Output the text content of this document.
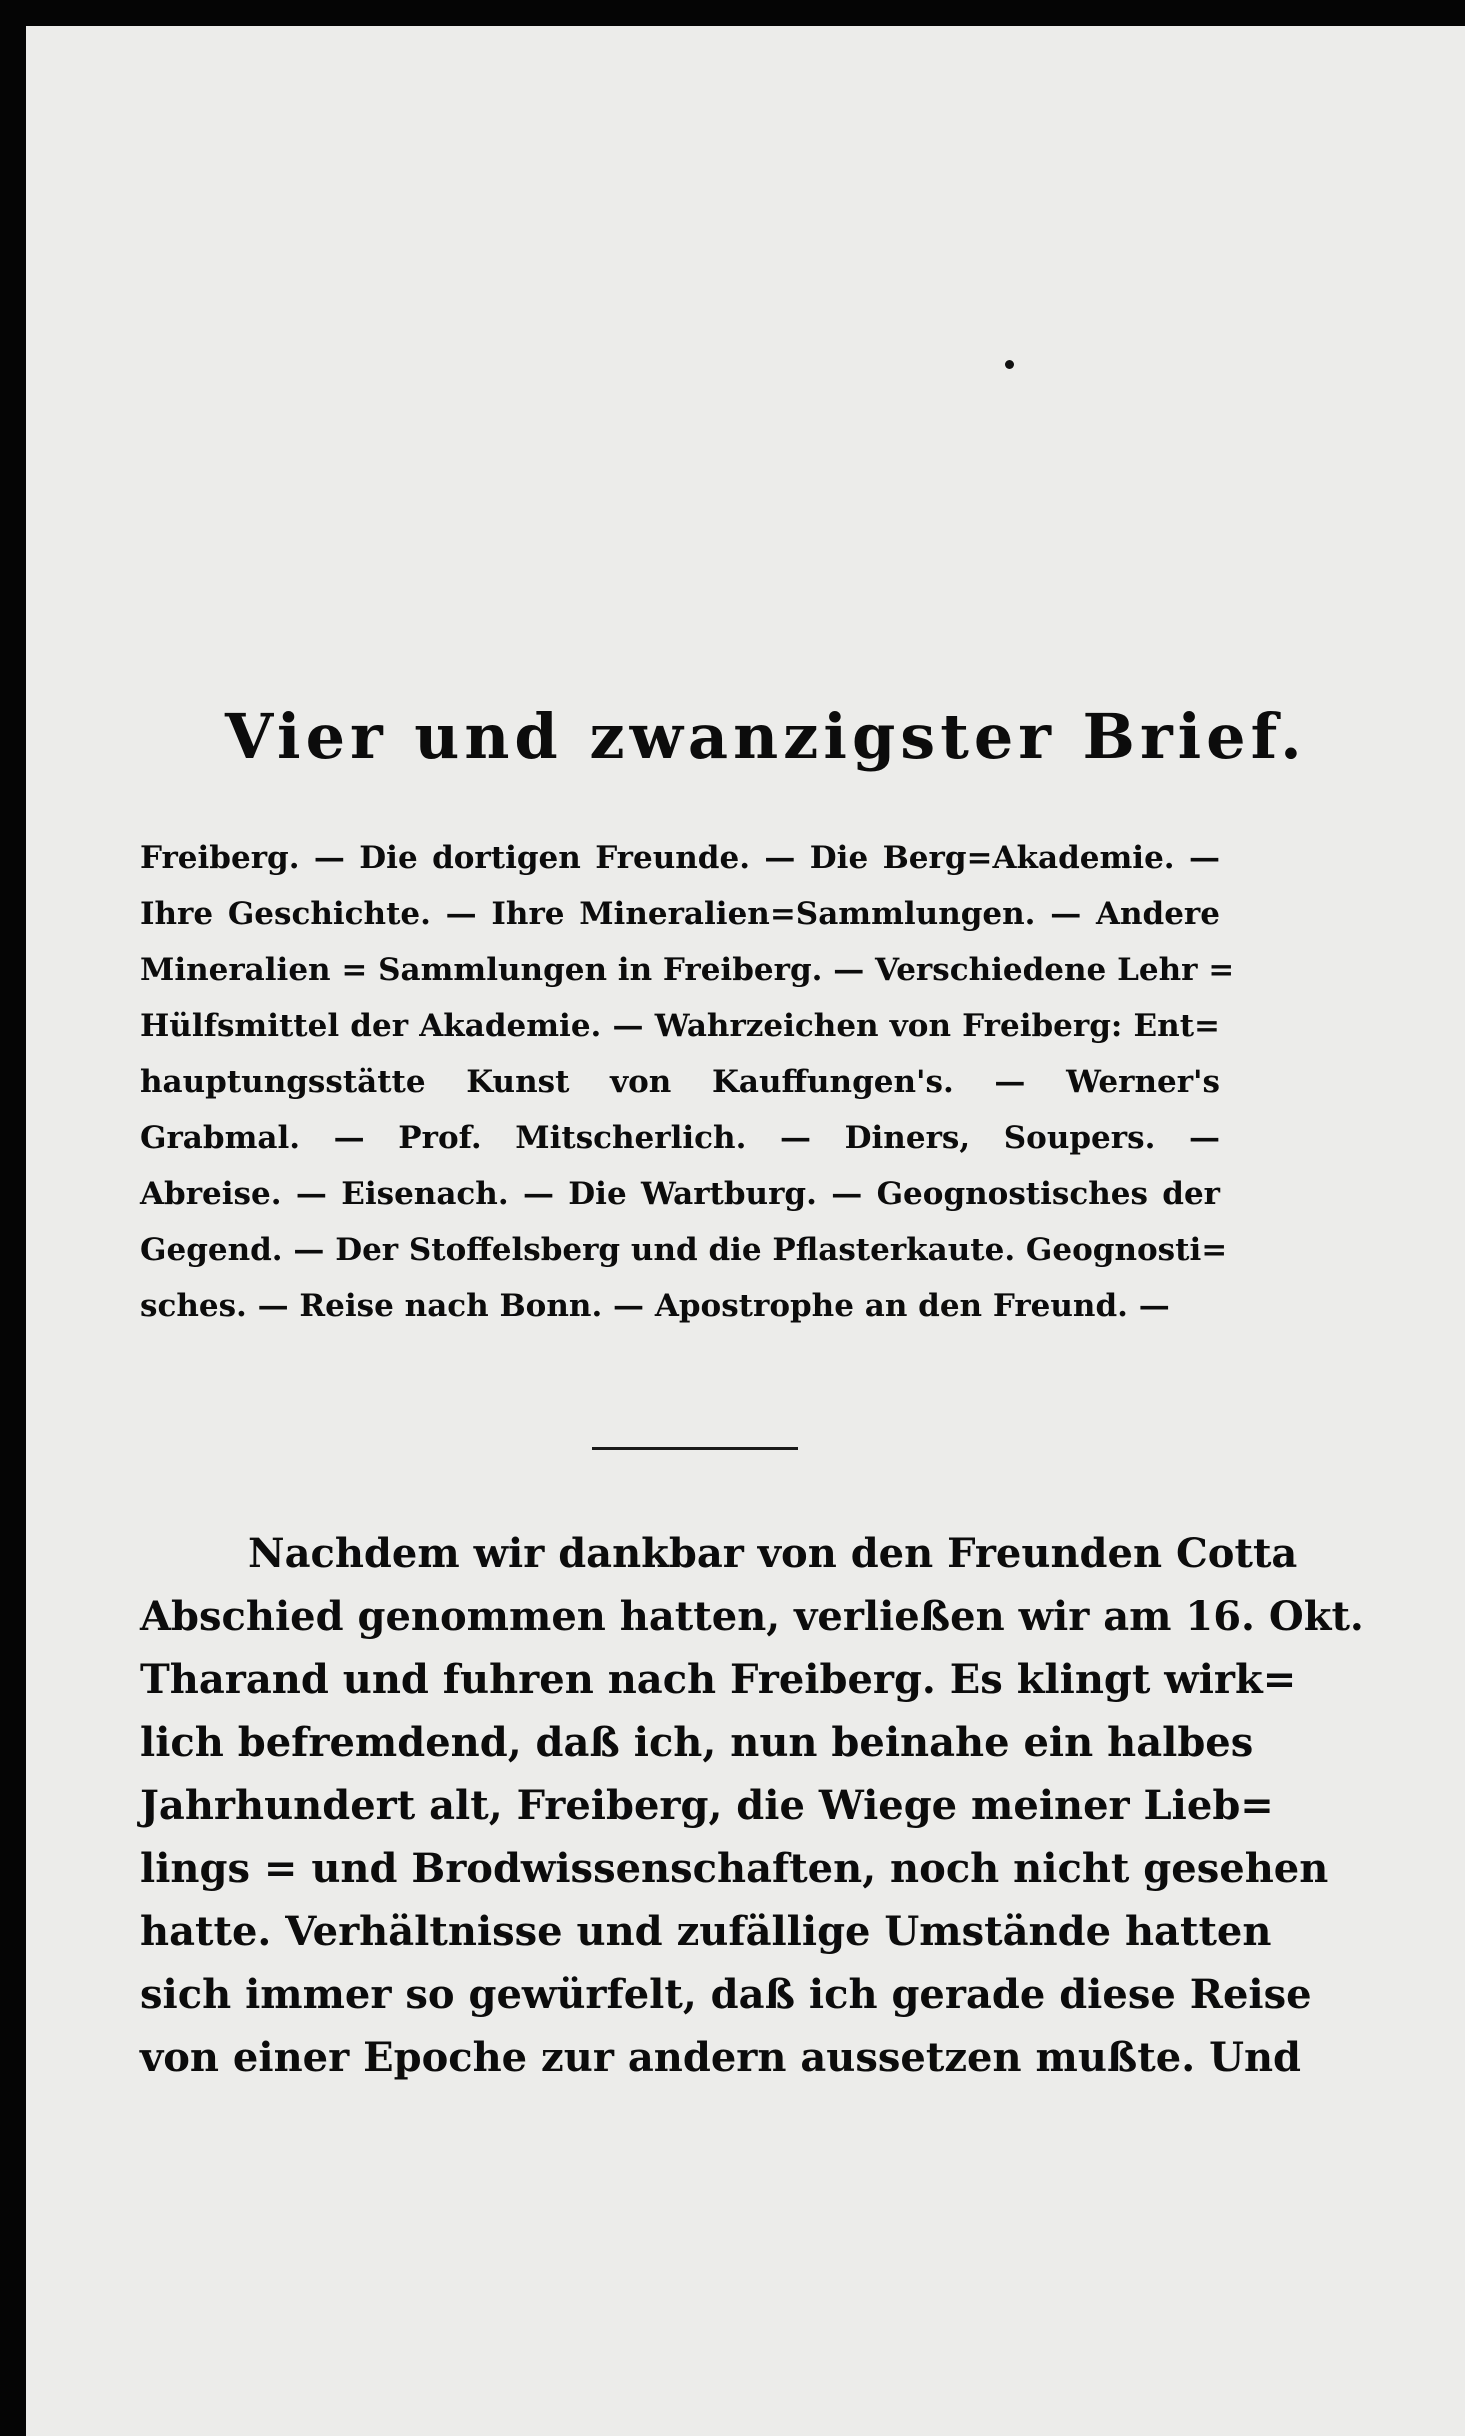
Vier und zwanzigster Brief.
Freiberg. — Die dortigen Freunde. — Die Berg=Akademie. —
Ihre Geschichte. — Ihre Mineralien=Sammlungen. — Andere
Mineralien = Sammlungen in Freiberg. — Verschiedene Lehr =
Hülfsmittel der Akademie. — Wahrzeichen von Freiberg: Ent=
hauptungsstätte Kunst von Kauffungen's. — Werner's
Grabmal. — Prof. Mitscherlich. — Diners, Soupers. —
Abreise. — Eisenach. — Die Wartburg. — Geognostisches der
Gegend. — Der Stoffelsberg und die Pflasterkaute. Geognosti=
sches. — Reise nach Bonn. — Apostrophe an den Freund. —
Nachdem wir dankbar von den Freunden Cotta
Abschied genommen hatten, verließen wir am 16. Okt.
Tharand und fuhren nach Freiberg. Es klingt wirk=
lich befremdend, daß ich, nun beinahe ein halbes
Jahrhundert alt, Freiberg, die Wiege meiner Lieb=
lings = und Brodwissenschaften, noch nicht gesehen
hatte. Verhältnisse und zufällige Umstände hatten
sich immer so gewürfelt, daß ich gerade diese Reise
von einer Epoche zur andern aussetzen mußte. Und
